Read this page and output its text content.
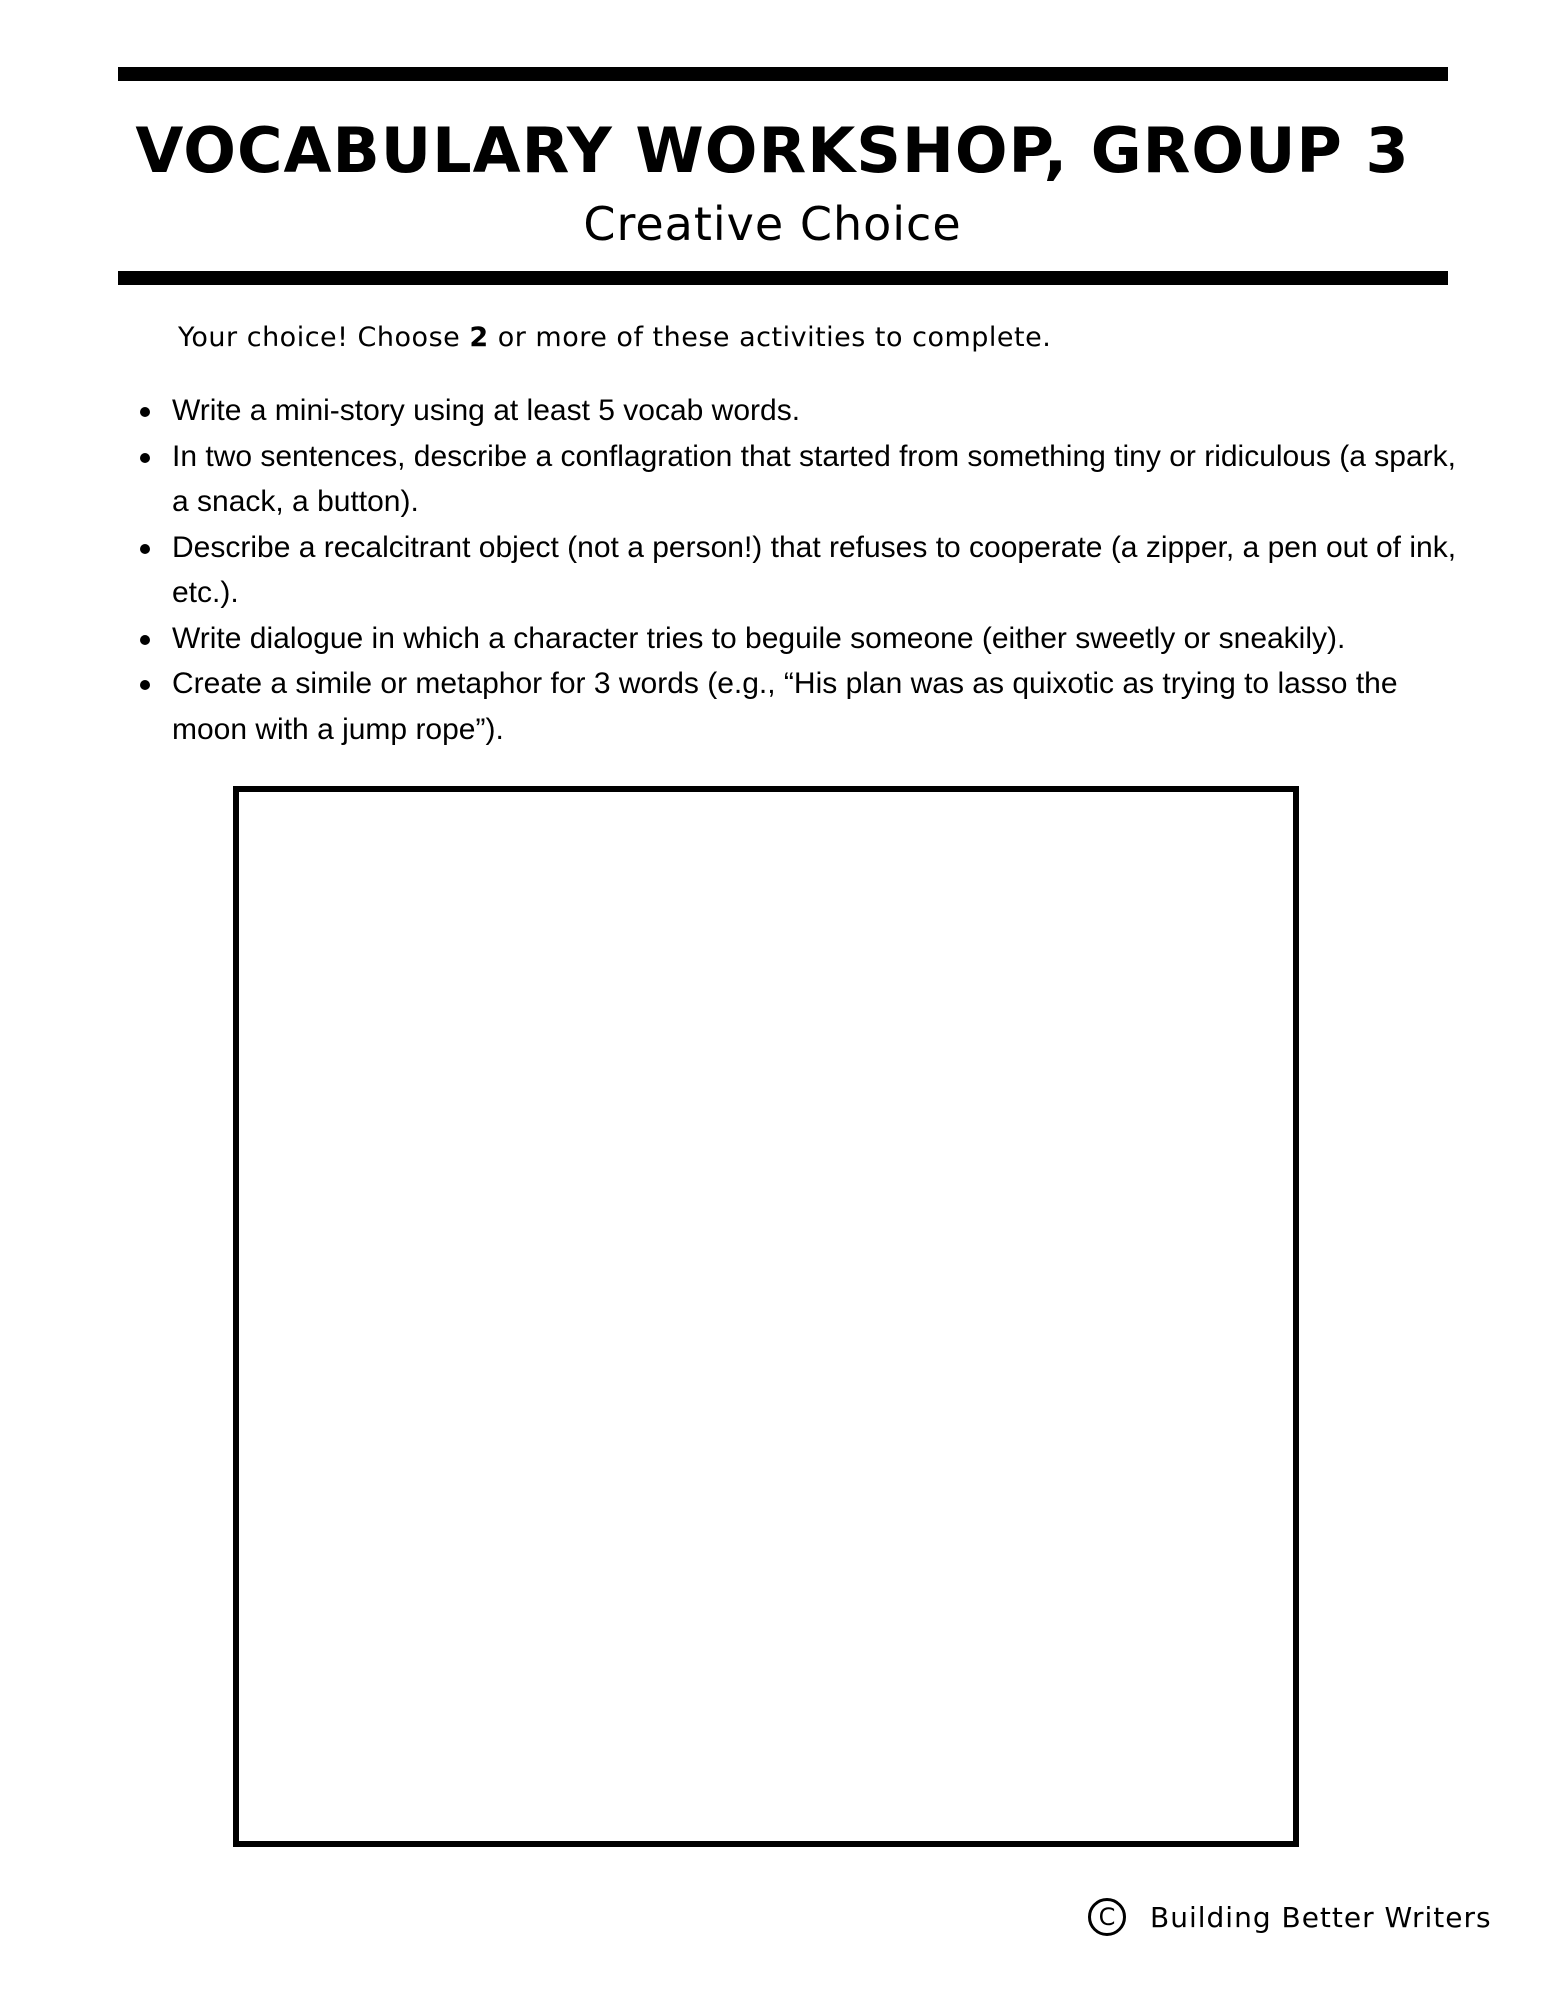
VOCABULARY WORKSHOP, GROUP 3
Creative Choice
Your choice! Choose 2 or more of these activities to complete.
Write a mini-story using at least 5 vocab words.
In two sentences, describe a conflagration that started from something tiny or ridiculous (a spark, a snack, a button).
Describe a recalcitrant object (not a person!) that refuses to cooperate (a zipper, a pen out of ink, etc.).
Write dialogue in which a character tries to beguile someone (either sweetly or sneakily).
Create a simile or metaphor for 3 words (e.g., “His plan was as quixotic as trying to lasso the moon with a jump rope”).
C	Building Better Writers
